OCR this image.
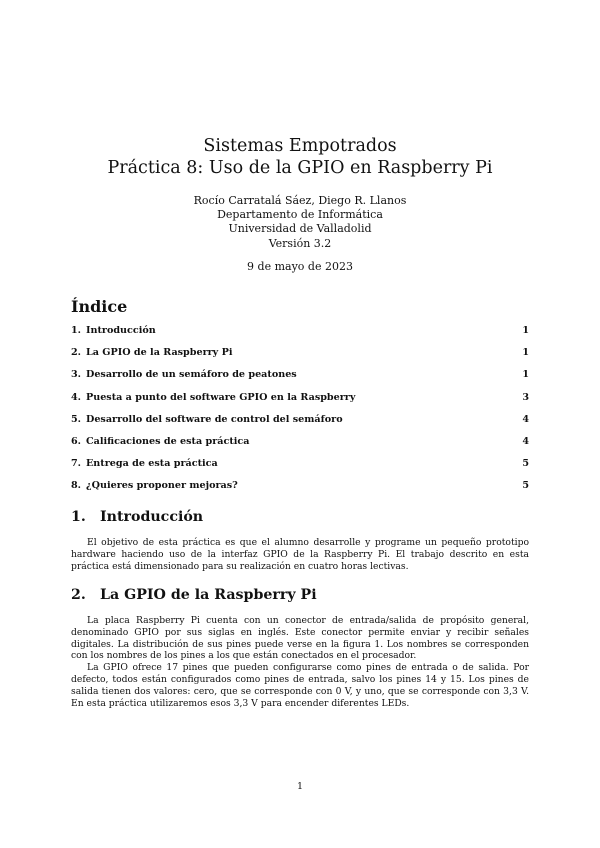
Sistemas Empotrados
Práctica 8: Uso de la GPIO en Raspberry Pi
Rocío Carratalá Sáez, Diego R. Llanos
Departamento de Informática
Universidad de Valladolid
Versión 3.2
9 de mayo de 2023
Índice
1. Introducción	1
2. La GPIO de la Raspberry Pi	1
3. Desarrollo de un semáforo de peatones	1
4. Puesta a punto del software GPIO en la Raspberry	3
5. Desarrollo del software de control del semáforo	4
6. Calificaciones de esta práctica	4
7. Entrega de esta práctica	5
8. ¿Quieres proponer mejoras?	5
1. Introducción

El objetivo de esta práctica es que el alumno desarrolle y programe un pequeño prototipo hardware haciendo uso de la interfaz GPIO de la Raspberry Pi. El trabajo descrito en esta práctica está dimensionado para su realización en cuatro horas lectivas.

2. La GPIO de la Raspberry Pi

La placa Raspberry Pi cuenta con un conector de entrada/salida de propósito general, denominado GPIO por sus siglas en inglés. Este conector permite enviar y recibir señales digitales. La distribución de sus pines puede verse en la figura 1. Los nombres se corresponden con los nombres de los pines a los que están conectados en el procesador.

La GPIO ofrece 17 pines que pueden configurarse como pines de entrada o de salida. Por defecto, todos están configurados como pines de entrada, salvo los pines 14 y 15. Los pines de salida tienen dos valores: cero, que se corresponde con 0 V, y uno, que se corresponde con 3,3 V. En esta práctica utilizaremos esos 3,3 V para encender diferentes LEDs.

1
